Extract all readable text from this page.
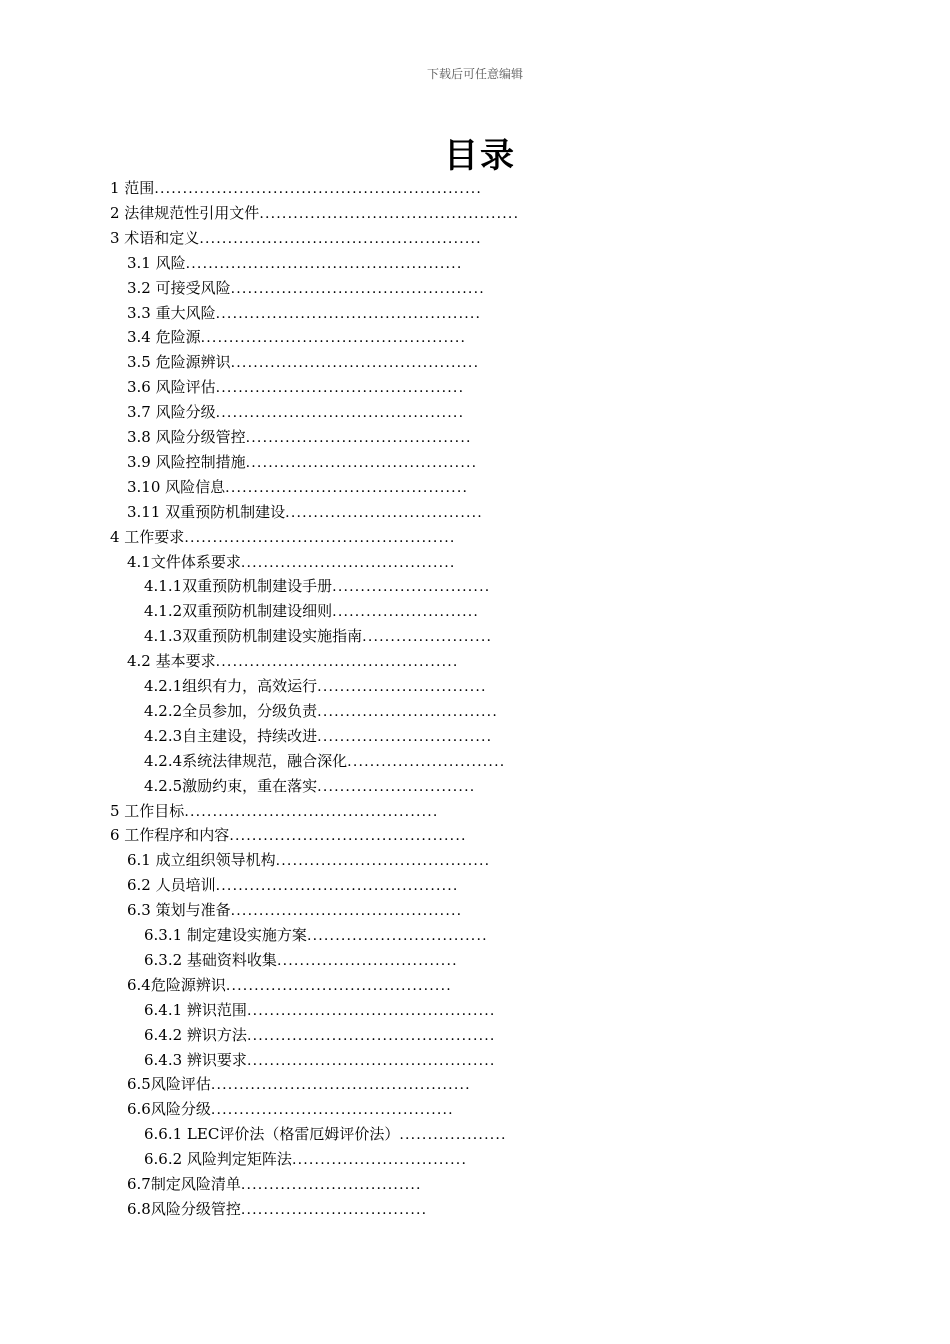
下载后可任意编辑
目录
1 范围..........................................................
2 法律规范性引用文件..............................................
3 术语和定义..................................................
3.1 风险.................................................
3.2 可接受风险.............................................
3.3 重大风险...............................................
3.4 危险源...............................................
3.5 危险源辨识............................................
3.6 风险评估............................................
3.7 风险分级............................................
3.8 风险分级管控........................................
3.9 风险控制措施.........................................
3.10 风险信息...........................................
3.11 双重预防机制建设...................................
4 工作要求................................................
4.1文件体系要求......................................
4.1.1双重预防机制建设手册............................
4.1.2双重预防机制建设细则..........................
4.1.3双重预防机制建设实施指南.......................
4.2 基本要求...........................................
4.2.1组织有力，高效运行..............................
4.2.2全员参加，分级负责................................
4.2.3自主建设，持续改进...............................
4.2.4系统法律规范，融合深化............................
4.2.5激励约束，重在落实............................
5 工作目标.............................................
6 工作程序和内容..........................................
6.1 成立组织领导机构......................................
6.2 人员培训...........................................
6.3 策划与准备.........................................
6.3.1 制定建设实施方案................................
6.3.2 基础资料收集................................
6.4危险源辨识........................................
6.4.1 辨识范围............................................
6.4.2 辨识方法............................................
6.4.3 辨识要求............................................
6.5风险评估..............................................
6.6风险分级...........................................
6.6.1 LEC评价法（格雷厄姆评价法）...................
6.6.2 风险判定矩阵法...............................
6.7制定风险清单................................
6.8风险分级管控.................................
